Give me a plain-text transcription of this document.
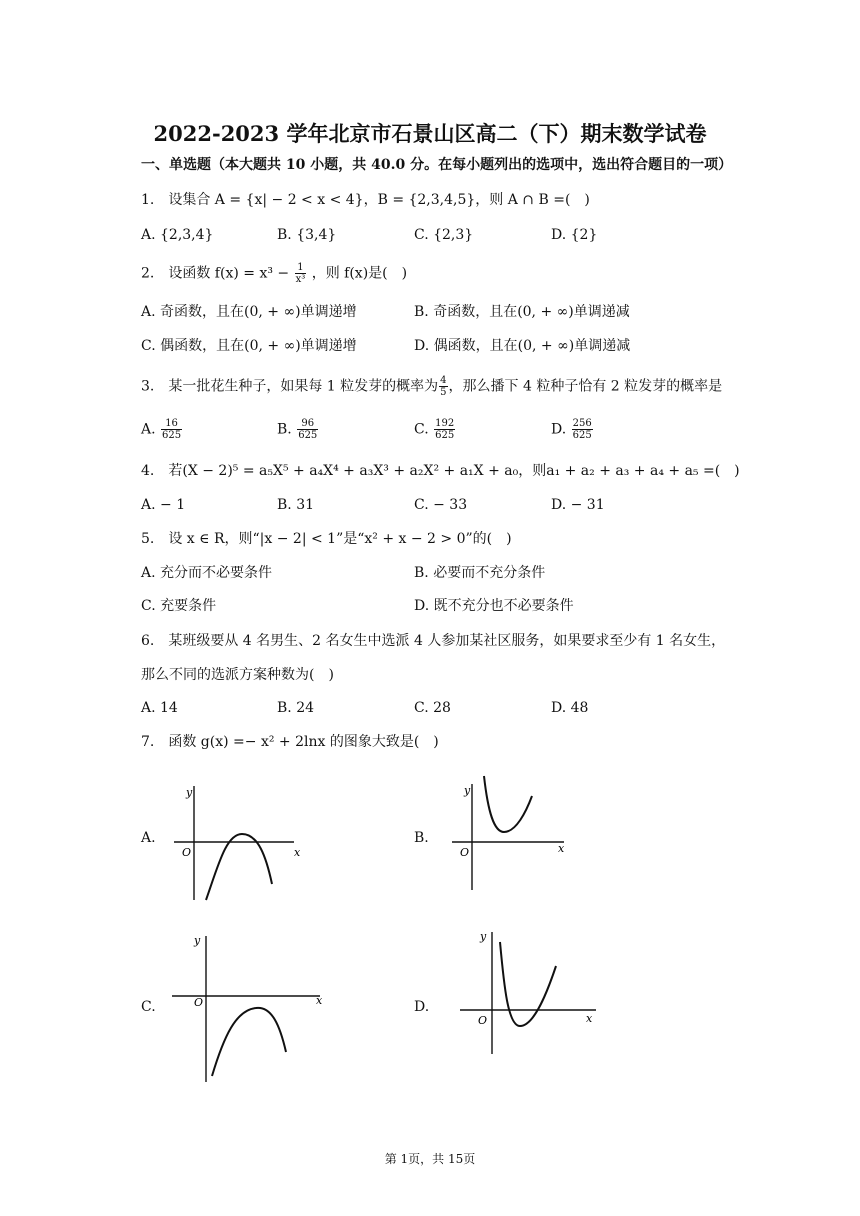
2022-2023 学年北京市石景山区高二（下）期末数学试卷
一、单选题（本大题共 10 小题，共 40.0 分。在每小题列出的选项中，选出符合题目的一项）
1.　设集合 A = {x| − 2 < x < 4}，B = {2,3,4,5}，则 A ∩ B =(　)
A. {2,3,4}	B. {3,4}	C. {2,3}	D. {2}
2.　设函数 $f(x) = x^3 - \frac{1}{\text{x³}}$ ，则 f(x)是(　)
A. 奇函数，且在(0, + ∞)单调递增	B. 奇函数，且在(0, + ∞)单调递减
C. 偶函数，且在(0, + ∞)单调递增	D. 偶函数，且在(0, + ∞)单调递减
3.　某一批花生种子，如果每 1 粒发芽的概率为 $\frac{4}{5}$ ，那么播下 4 粒种子恰有 2 粒发芽的概率是
A. $\frac{16}{625}$	B. $\frac{96}{625}$	C. $\frac{192}{625}$	D. $\frac{256}{625}$
4.　若(X − 2)⁵ = a₅X⁵ + a₄X⁴ + a₃X³ + a₂X² + a₁X + a₀，则a₁ + a₂ + a₃ + a₄ + a₅ =(　)
A. − 1	B. 31	C. − 33	D. − 31
5.　设 x ∈ R，则“|x − 2| < 1”是“x² + x − 2 > 0”的(　)
A. 充分而不必要条件	B. 必要而不充分条件
C. 充要条件	D. 既不充分也不必要条件
6.　某班级要从 4 名男生、2 名女生中选派 4 人参加某社区服务，如果要求至少有 1 名女生，
那么不同的选派方案种数为(　)
A. 14	B. 24	C. 28	D. 48
7.　函数 g(x) =− x² + 2lnx 的图象大致是(　)
A.
y
O	x
B.
y
O	x
C.
y
O	x	D.
y
O	x
第 1页，共 15页
